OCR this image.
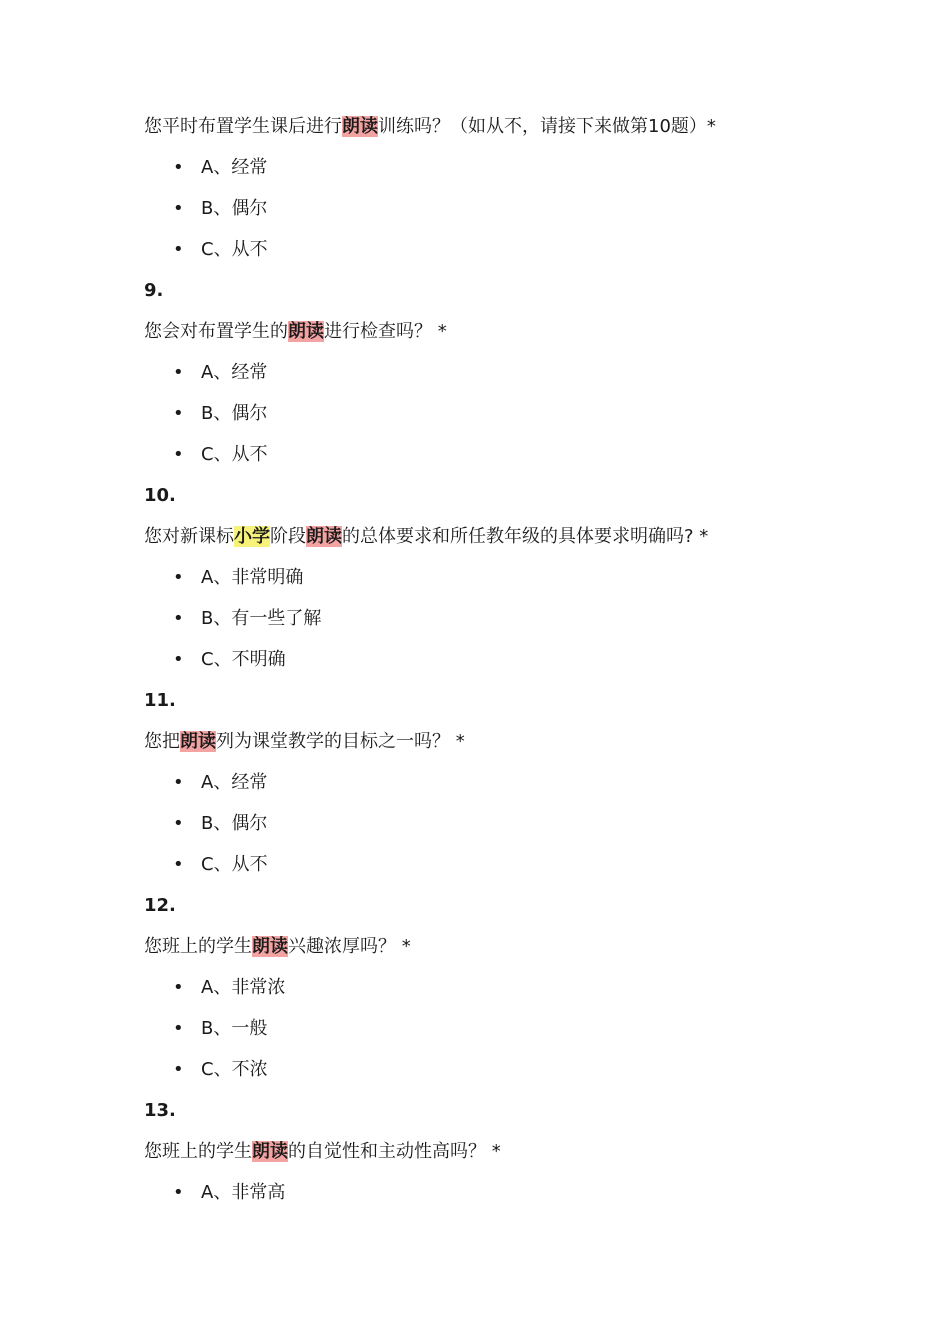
您平时布置学生课后进行朗读训练吗？（如从不，请接下来做第10题）*
• A、经常
• B、偶尔
• C、从不
9.
您会对布置学生的朗读进行检查吗？ *
• A、经常
• B、偶尔
• C、从不
10.
您对新课标小学阶段朗读的总体要求和所任教年级的具体要求明确吗? *
• A、非常明确
• B、有一些了解
• C、不明确
11.
您把朗读列为课堂教学的目标之一吗？ *
• A、经常
• B、偶尔
• C、从不
12.
您班上的学生朗读兴趣浓厚吗？ *
• A、非常浓
• B、一般
• C、不浓
13.
您班上的学生朗读的自觉性和主动性高吗？ *
• A、非常高
